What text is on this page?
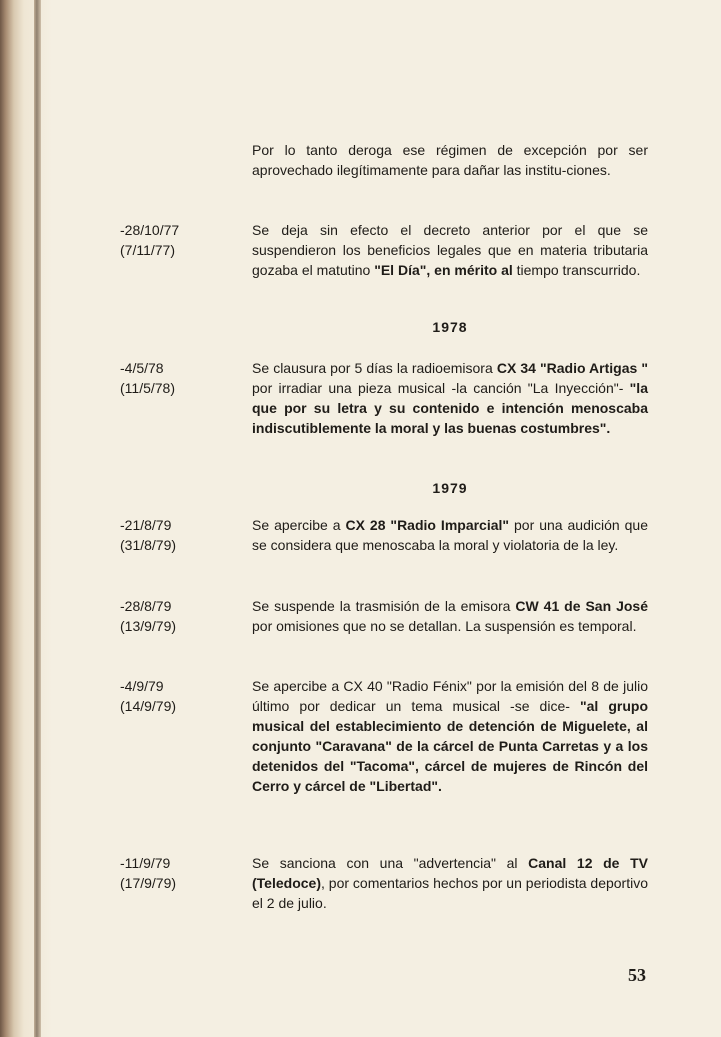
Por lo tanto deroga ese régimen de excepción por ser aprovechado ilegítimamente para dañar las institu-ciones.
-28/10/77
(7/11/77)
Se deja sin efecto el decreto anterior por el que se suspendieron los beneficios legales que en materia tributaria gozaba el matutino "El Día", en mérito al tiempo transcurrido.
1978
-4/5/78
(11/5/78)
Se clausura por 5 días la radioemisora CX 34 "Radio Artigas " por irradiar una pieza musical -la canción "La Inyección"- "la que por su letra y su contenido e intención menoscaba indiscutiblemente la moral y las buenas costumbres".
1979
-21/8/79
(31/8/79)
Se apercibe a CX 28 "Radio Imparcial" por una audición que se considera que menoscaba la moral y violatoria de la ley.
-28/8/79
(13/9/79)
Se suspende la trasmisión de la emisora CW 41 de San José por omisiones que no se detallan. La suspensión es temporal.
-4/9/79
(14/9/79)
Se apercibe a CX 40 "Radio Fénix" por la emisión del 8 de julio último por dedicar un tema musical -se dice- "al grupo musical del establecimiento de detención de Miguelete, al conjunto "Caravana" de la cárcel de Punta Carretas y a los detenidos del "Tacoma", cárcel de mujeres de Rincón del Cerro y cárcel de "Libertad".
-11/9/79
(17/9/79)
Se sanciona con una "advertencia" al Canal 12 de TV (Teledoce), por comentarios hechos por un periodista deportivo el 2 de julio.
53
